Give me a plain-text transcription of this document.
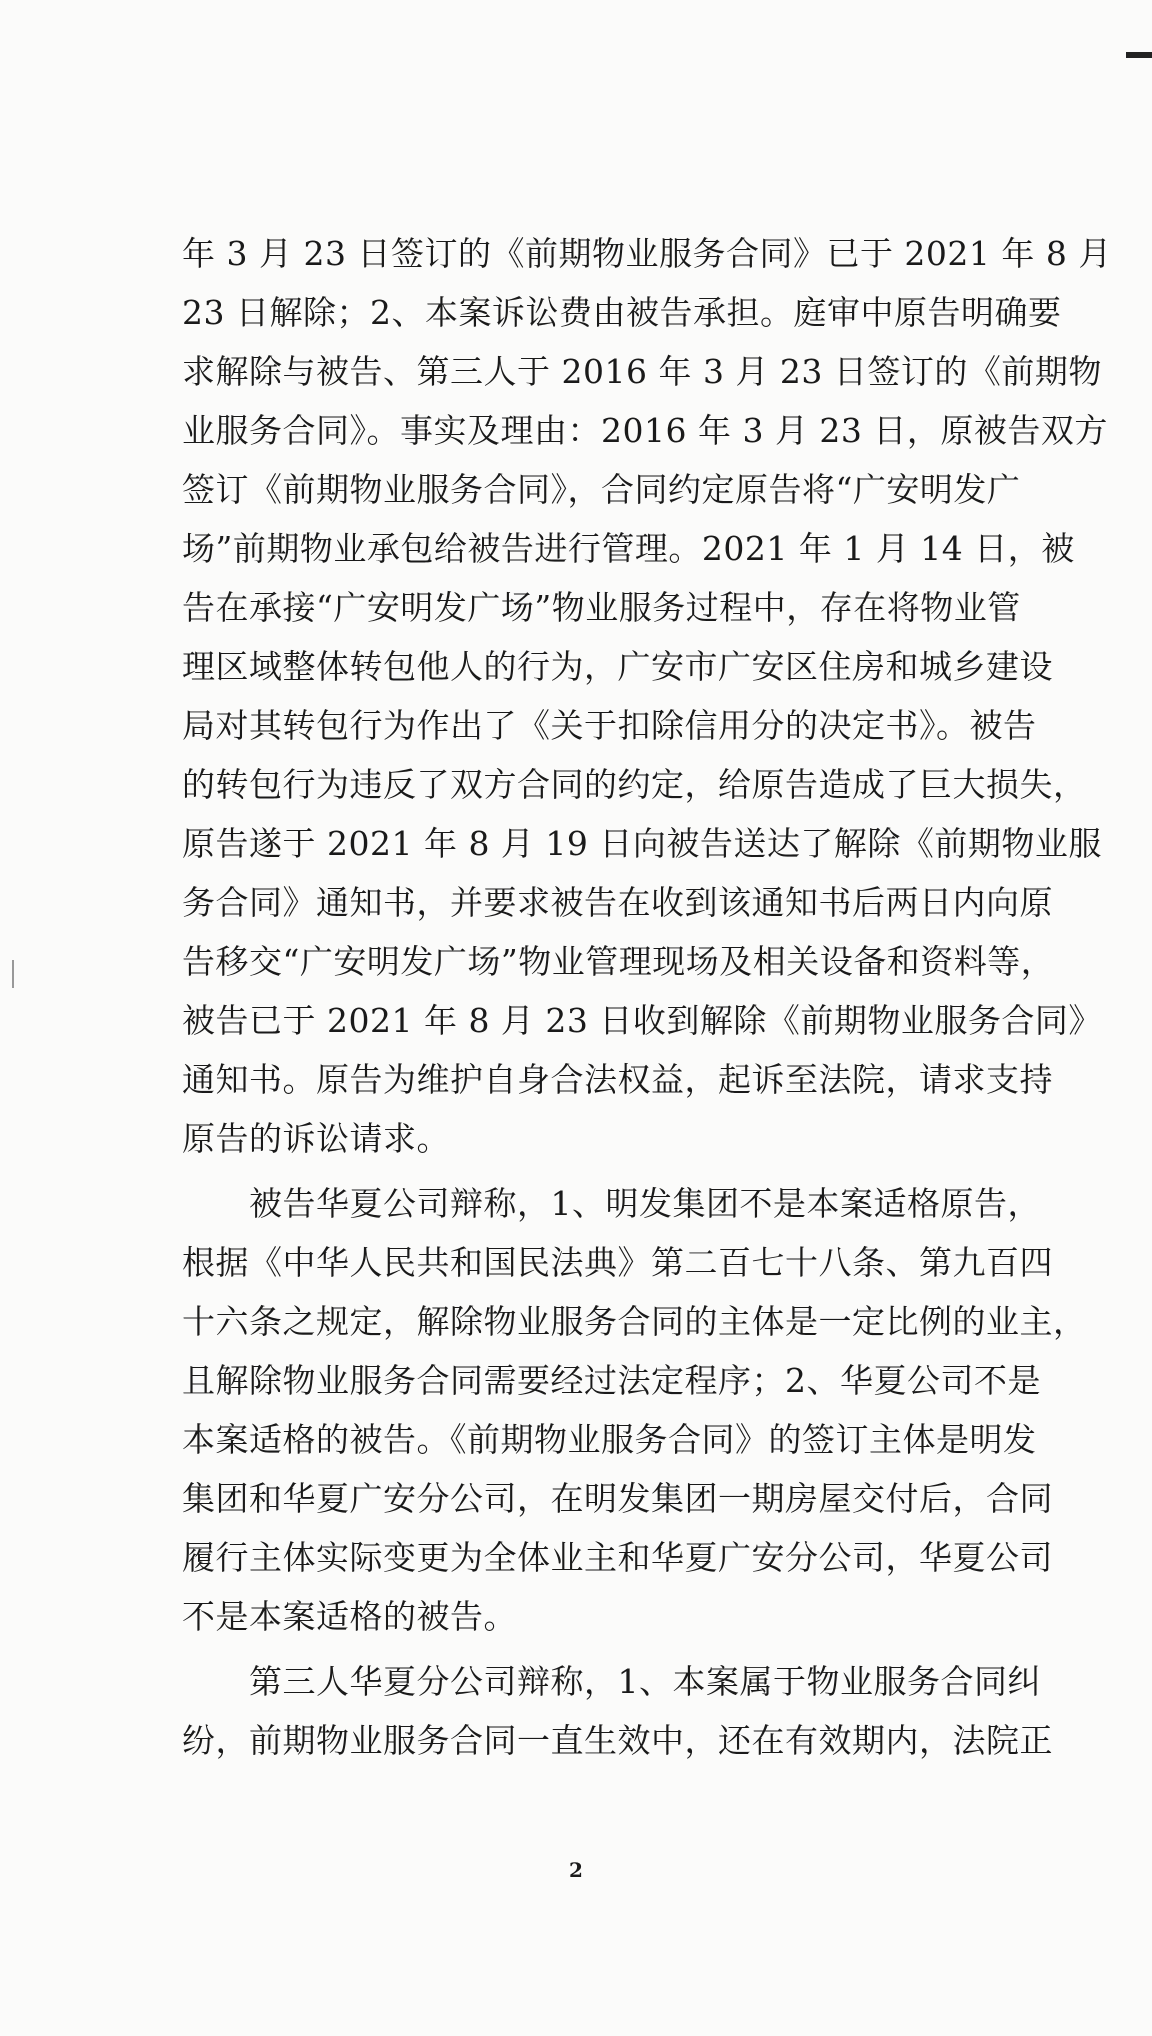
年 3 月 23 日签订的《前期物业服务合同》已于 2021 年 8 月
23 日解除；2、本案诉讼费由被告承担。庭审中原告明确要
求解除与被告、第三人于 2016 年 3 月 23 日签订的《前期物
业服务合同》。事实及理由：2016 年 3 月 23 日，原被告双方
签订《前期物业服务合同》，合同约定原告将“广安明发广
场”前期物业承包给被告进行管理。2021 年 1 月 14 日，被
告在承接“广安明发广场”物业服务过程中，存在将物业管
理区域整体转包他人的行为，广安市广安区住房和城乡建设
局对其转包行为作出了《关于扣除信用分的决定书》。被告
的转包行为违反了双方合同的约定，给原告造成了巨大损失，
原告遂于 2021 年 8 月 19 日向被告送达了解除《前期物业服
务合同》通知书，并要求被告在收到该通知书后两日内向原
告移交“广安明发广场”物业管理现场及相关设备和资料等，
被告已于 2021 年 8 月 23 日收到解除《前期物业服务合同》
通知书。原告为维护自身合法权益，起诉至法院，请求支持
原告的诉讼请求。
　　被告华夏公司辩称，1、明发集团不是本案适格原告，
根据《中华人民共和国民法典》第二百七十八条、第九百四
十六条之规定，解除物业服务合同的主体是一定比例的业主，
且解除物业服务合同需要经过法定程序；2、华夏公司不是
本案适格的被告。《前期物业服务合同》的签订主体是明发
集团和华夏广安分公司，在明发集团一期房屋交付后，合同
履行主体实际变更为全体业主和华夏广安分公司，华夏公司
不是本案适格的被告。
　　第三人华夏分公司辩称，1、本案属于物业服务合同纠
纷，前期物业服务合同一直生效中，还在有效期内，法院正
2
